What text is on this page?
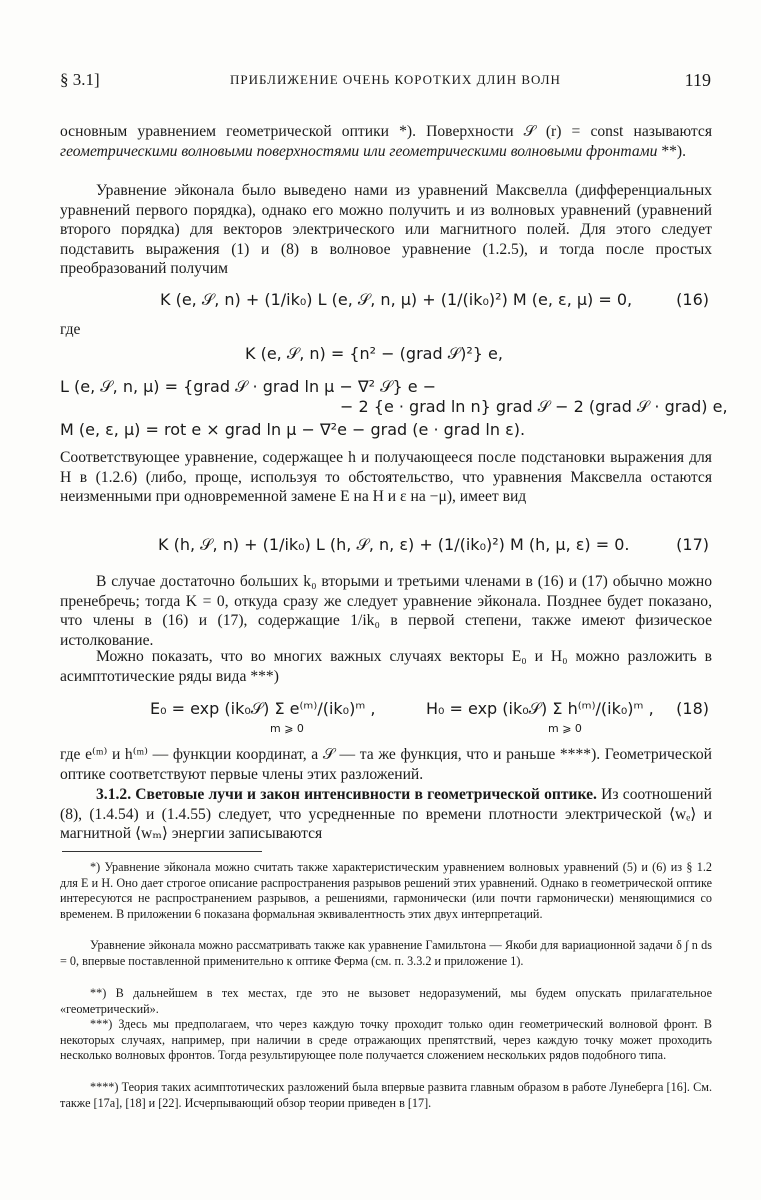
§ 3.1]	ПРИБЛИЖЕНИЕ ОЧЕНЬ КОРОТКИХ ДЛИН ВОЛН	119

основным уравнением геометрической оптики *). Поверхности 𝒮 (r) = const называются геометрическими волновыми поверхностями или геометрическими волновыми фронтами **).

Уравнение эйконала было выведено нами из уравнений Максвелла (дифференциальных уравнений первого порядка), однако его можно получить и из волновых уравнений (уравнений второго порядка) для векторов электрического или магнитного полей. Для этого следует подставить выражения (1) и (8) в волновое уравнение (1.2.5), и тогда после простых преобразований получим
K (e, 𝒮, n) + (1/ik₀) L (e, 𝒮, n, μ) + (1/(ik₀)²) M (e, ε, μ) = 0,	(16)
где
K (e, 𝒮, n) = {n² − (grad 𝒮)²} e,
L (e, 𝒮, n, μ) = {grad 𝒮 · grad ln μ − ∇² 𝒮} e −
− 2 {e · grad ln n} grad 𝒮 − 2 (grad 𝒮 · grad) e,
M (e, ε, μ) = rot e × grad ln μ − ∇²e − grad (e · grad ln ε).
Соответствующее уравнение, содержащее h и получающееся после подстановки выражения для H в (1.2.6) (либо, проще, используя то обстоятельство, что уравнения Максвелла остаются неизменными при одновременной замене E на H и ε на −μ), имеет вид
K (h, 𝒮, n) + (1/ik₀) L (h, 𝒮, n, ε) + (1/(ik₀)²) M (h, μ, ε) = 0.	(17)
В случае достаточно больших k₀ вторыми и третьими членами в (16) и (17) обычно можно пренебречь; тогда K = 0, откуда сразу же следует уравнение эйконала. Позднее будет показано, что члены в (16) и (17), содержащие 1/ik₀ в первой степени, также имеют физическое истолкование.
Можно показать, что во многих важных случаях векторы E₀ и H₀ можно разложить в асимптотические ряды вида ***)
E₀ = exp (ik₀𝒮) Σ e⁽ᵐ⁾/(ik₀)ᵐ ,	H₀ = exp (ik₀𝒮) Σ h⁽ᵐ⁾/(ik₀)ᵐ ,
m ⩾ 0	m ⩾ 0
(18)
где e⁽ᵐ⁾ и h⁽ᵐ⁾ — функции координат, а 𝒮 — та же функция, что и раньше ****). Геометрической оптике соответствуют первые члены этих разложений.
3.1.2. Световые лучи и закон интенсивности в геометрической оптике. Из соотношений (8), (1.4.54) и (1.4.55) следует, что усредненные по времени плотности электрической ⟨wₑ⟩ и магнитной ⟨wₘ⟩ энергии записываются
*) Уравнение эйконала можно считать также характеристическим уравнением волновых уравнений (5) и (6) из § 1.2 для E и H. Оно дает строгое описание распространения разрывов решений этих уравнений. Однако в геометрической оптике интересуются не распространением разрывов, а решениями, гармонически (или почти гармонически) меняющимися со временем. В приложении 6 показана формальная эквивалентность этих двух интерпретаций.
Уравнение эйконала можно рассматривать также как уравнение Гамильтона — Якоби для вариационной задачи δ ∫ n ds = 0, впервые поставленной применительно к оптике Ферма (см. п. 3.3.2 и приложение 1).
**) В дальнейшем в тех местах, где это не вызовет недоразумений, мы будем опускать прилагательное «геометрический».
***) Здесь мы предполагаем, что через каждую точку проходит только один геометрический волновой фронт. В некоторых случаях, например, при наличии в среде отражающих препятствий, через каждую точку может проходить несколько волновых фронтов. Тогда результирующее поле получается сложением нескольких рядов подобного типа.
****) Теория таких асимптотических разложений была впервые развита главным образом в работе Лунеберга [16]. См. также [17a], [18] и [22]. Исчерпывающий обзор теории приведен в [17].
